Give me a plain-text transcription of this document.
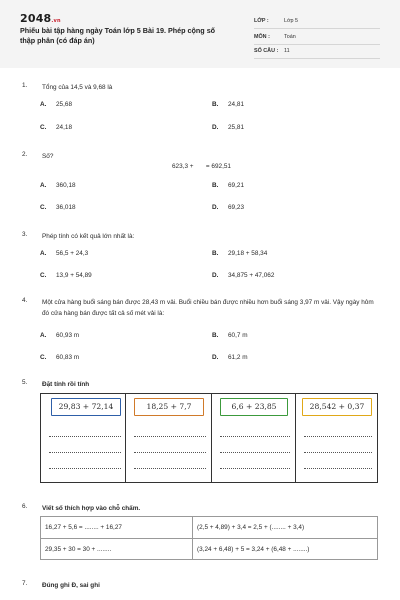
2048.vn
Phiếu bài tập hàng ngày Toán lớp 5 Bài 19. Phép cộng số thập phân (có đáp án)
LỚP :	Lớp 5
MÔN :	Toán
SỐ CÂU : 11
1. Tổng của 14,5 và 9,68 là
A. 25,68	B. 24,81
C. 24,18	D. 25,81
2. Số?
623,3 +       = 692,51
A. 360,18	B. 69,21
C. 36,018	D. 69,23
3. Phép tính có kết quả lớn nhất là:
A. 56,5 + 24,3	B. 29,18 + 58,34
C. 13,9 + 54,89	D. 34,875 + 47,062
4. Một cửa hàng buổi sáng bán được 28,43 m vải. Buổi chiều bán được nhiều hơn buổi sáng 3,97 m vải. Vậy ngày hôm đó cửa hàng bán được tất cả số mét vải là:
A. 60,93 m	B. 60,7 m
C. 60,83 m	D. 61,2 m
5. Đặt tính rồi tính
29,83 + 72,14	18,25 + 7,7	6,6 + 23,85	28,542 + 0,37
6. Viết số thích hợp vào chỗ chấm.
16,27 + 5,6 = ........ + 16,27	(2,5 + 4,89) + 3,4 = 2,5 + (........ + 3,4)
29,35 + 30 = 30 + ........	(3,24 + 6,48) + 5 = 3,24 + (6,48 + ........)
7. Đúng ghi Đ, sai ghi
